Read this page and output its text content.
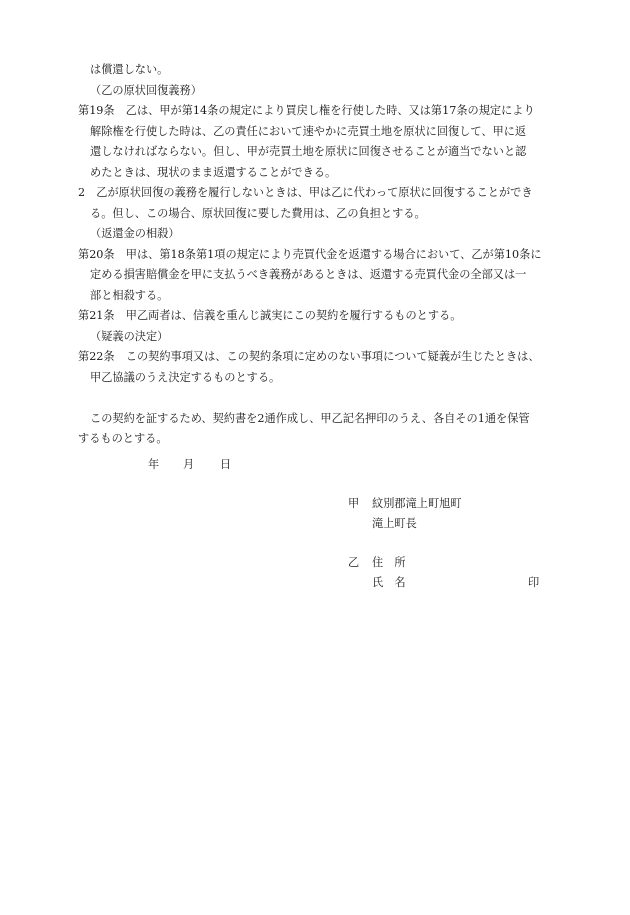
は償還しない。
（乙の原状回復義務）
第19条　乙は、甲が第14条の規定により買戻し権を行使した時、又は第17条の規定により
解除権を行使した時は、乙の責任において速やかに売買土地を原状に回復して、甲に返
還しなければならない。但し、甲が売買土地を原状に回復させることが適当でないと認
めたときは、現状のまま返還することができる。
2　乙が原状回復の義務を履行しないときは、甲は乙に代わって原状に回復することができ
る。但し、この場合、原状回復に要した費用は、乙の負担とする。
（返還金の相殺）
第20条　甲は、第18条第1項の規定により売買代金を返還する場合において、乙が第10条に
定める損害賠償金を甲に支払うべき義務があるときは、返還する売買代金の全部又は一
部と相殺する。
第21条　甲乙両者は、信義を重んじ誠実にこの契約を履行するものとする。
（疑義の決定）
第22条　この契約事項又は、この契約条項に定めのない事項について疑義が生じたときは、
甲乙協議のうえ決定するものとする。
この契約を証するため、契約書を2通作成し、甲乙記名押印のうえ、各自その1通を保管
するものとする。
年 月 日
甲 紋別郡滝上町旭町
滝上町長
乙 住　所
氏　名	印
